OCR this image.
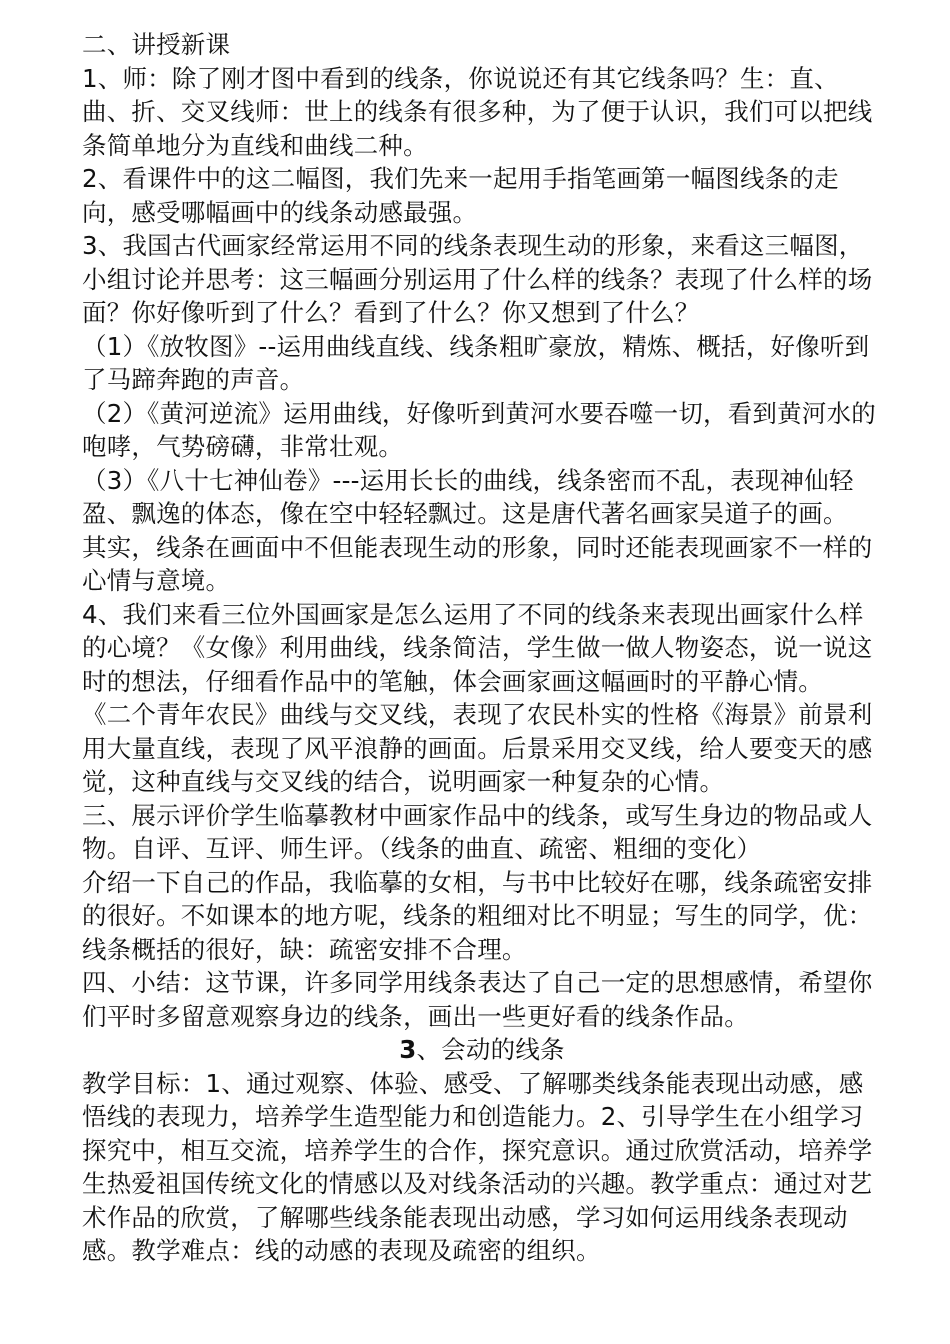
二、讲授新课

1、师：除了刚才图中看到的线条，你说说还有其它线条吗？生：直、曲、折、交叉线师：世上的线条有很多种，为了便于认识，我们可以把线条简单地分为直线和曲线二种。

2、看课件中的这二幅图，我们先来一起用手指笔画第一幅图线条的走向，感受哪幅画中的线条动感最强。

3、我国古代画家经常运用不同的线条表现生动的形象，来看这三幅图，小组讨论并思考：这三幅画分别运用了什么样的线条？表现了什么样的场面？你好像听到了什么？看到了什么？你又想到了什么？

（1）《放牧图》--运用曲线直线、线条粗旷豪放，精炼、概括，好像听到了马蹄奔跑的声音。

（2）《黄河逆流》运用曲线，好像听到黄河水要吞噬一切，看到黄河水的咆哮，气势磅礴，非常壮观。

（3）《八十七神仙卷》---运用长长的曲线，线条密而不乱，表现神仙轻盈、飘逸的体态，像在空中轻轻飘过。这是唐代著名画家吴道子的画。

其实，线条在画面中不但能表现生动的形象，同时还能表现画家不一样的心情与意境。

4、我们来看三位外国画家是怎么运用了不同的线条来表现出画家什么样的心境？《女像》利用曲线，线条简洁，学生做一做人物姿态，说一说这时的想法，仔细看作品中的笔触，体会画家画这幅画时的平静心情。

《二个青年农民》曲线与交叉线，表现了农民朴实的性格《海景》前景利用大量直线，表现了风平浪静的画面。后景采用交叉线，给人要变天的感觉，这种直线与交叉线的结合，说明画家一种复杂的心情。

三、展示评价学生临摹教材中画家作品中的线条，或写生身边的物品或人物。自评、互评、师生评。（线条的曲直、疏密、粗细的变化）

介绍一下自己的作品，我临摹的女相，与书中比较好在哪，线条疏密安排的很好。不如课本的地方呢，线条的粗细对比不明显；写生的同学，优：线条概括的很好，缺：疏密安排不合理。

四、小结：这节课，许多同学用线条表达了自己一定的思想感情，希望你们平时多留意观察身边的线条，画出一些更好看的线条作品。

3、会动的线条

教学目标：1、通过观察、体验、感受、了解哪类线条能表现出动感，感悟线的表现力，培养学生造型能力和创造能力。2、引导学生在小组学习探究中，相互交流，培养学生的合作，探究意识。通过欣赏活动，培养学生热爱祖国传统文化的情感以及对线条活动的兴趣。教学重点：通过对艺术作品的欣赏，了解哪些线条能表现出动感，学习如何运用线条表现动感。教学难点：线的动感的表现及疏密的组织。
